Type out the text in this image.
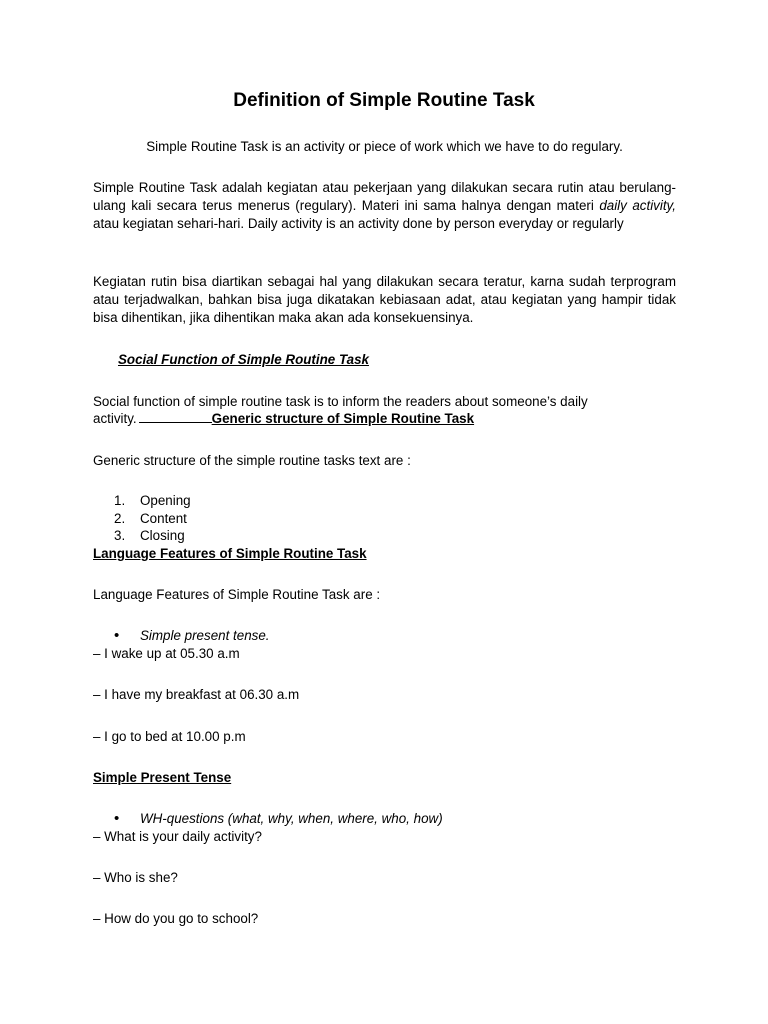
Definition of Simple Routine Task

Simple Routine Task is an activity or piece of work which we have to do regulary.

Simple Routine Task adalah kegiatan atau pekerjaan yang dilakukan secara rutin atau berulang-ulang kali secara terus menerus (regulary). Materi ini sama halnya dengan materi daily activity, atau kegiatan sehari-hari. Daily activity is an activity done by person everyday or regularly

Kegiatan rutin bisa diartikan sebagai hal yang dilakukan secara teratur, karna sudah terprogram atau terjadwalkan, bahkan bisa juga dikatakan kebiasaan adat, atau kegiatan yang hampir tidak bisa dihentikan, jika dihentikan maka akan ada konsekuensinya.

Social Function of Simple Routine Task

Social function of simple routine task is to inform the readers about someone’s daily

activity.	Generic structure of Simple Routine Task

Generic structure of the simple routine tasks text are :

1. Opening

2. Content

3. Closing

Language Features of Simple Routine Task

Language Features of Simple Routine Task are :

• Simple present tense.

– I wake up at 05.30 a.m

– I have my breakfast at 06.30 a.m

– I go to bed at 10.00 p.m

Simple Present Tense

• WH-questions (what, why, when, where, who, how)

– What is your daily activity?

– Who is she?

– How do you go to school?
